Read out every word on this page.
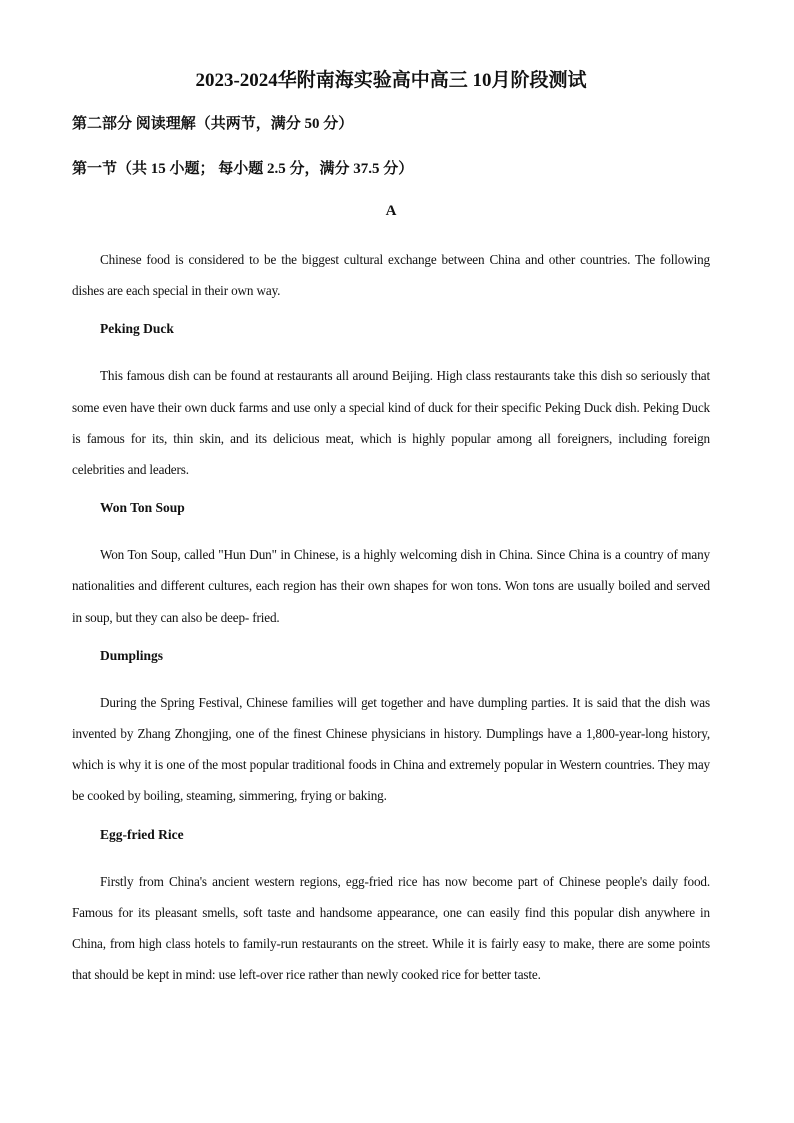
2023-2024华附南海实验高中高三 10月阶段测试
第二部分 阅读理解（共两节，满分 50 分）
第一节（共 15 小题； 每小题 2.5 分，满分 37.5 分）
A

Chinese food is considered to be the biggest cultural exchange between China and other countries. The following dishes are each special in their own way.

Peking Duck

This famous dish can be found at restaurants all around Beijing. High class restaurants take this dish so seriously that some even have their own duck farms and use only a special kind of duck for their specific Peking Duck dish. Peking Duck is famous for its, thin skin, and its delicious meat, which is highly popular among all foreigners, including foreign celebrities and leaders.

Won Ton Soup

Won Ton Soup, called "Hun Dun" in Chinese, is a highly welcoming dish in China. Since China is a country of many nationalities and different cultures, each region has their own shapes for won tons. Won tons are usually boiled and served in soup, but they can also be deep- fried.

Dumplings

During the Spring Festival, Chinese families will get together and have dumpling parties. It is said that the dish was invented by Zhang Zhongjing, one of the finest Chinese physicians in history. Dumplings have a 1,800-year-long history, which is why it is one of the most popular traditional foods in China and extremely popular in Western countries. They may be cooked by boiling, steaming, simmering, frying or baking.

Egg-fried Rice

Firstly from China's ancient western regions, egg-fried rice has now become part of Chinese people's daily food. Famous for its pleasant smells, soft taste and handsome appearance, one can easily find this popular dish anywhere in China, from high class hotels to family-run restaurants on the street. While it is fairly easy to make, there are some points that should be kept in mind: use left-over rice rather than newly cooked rice for better taste.
